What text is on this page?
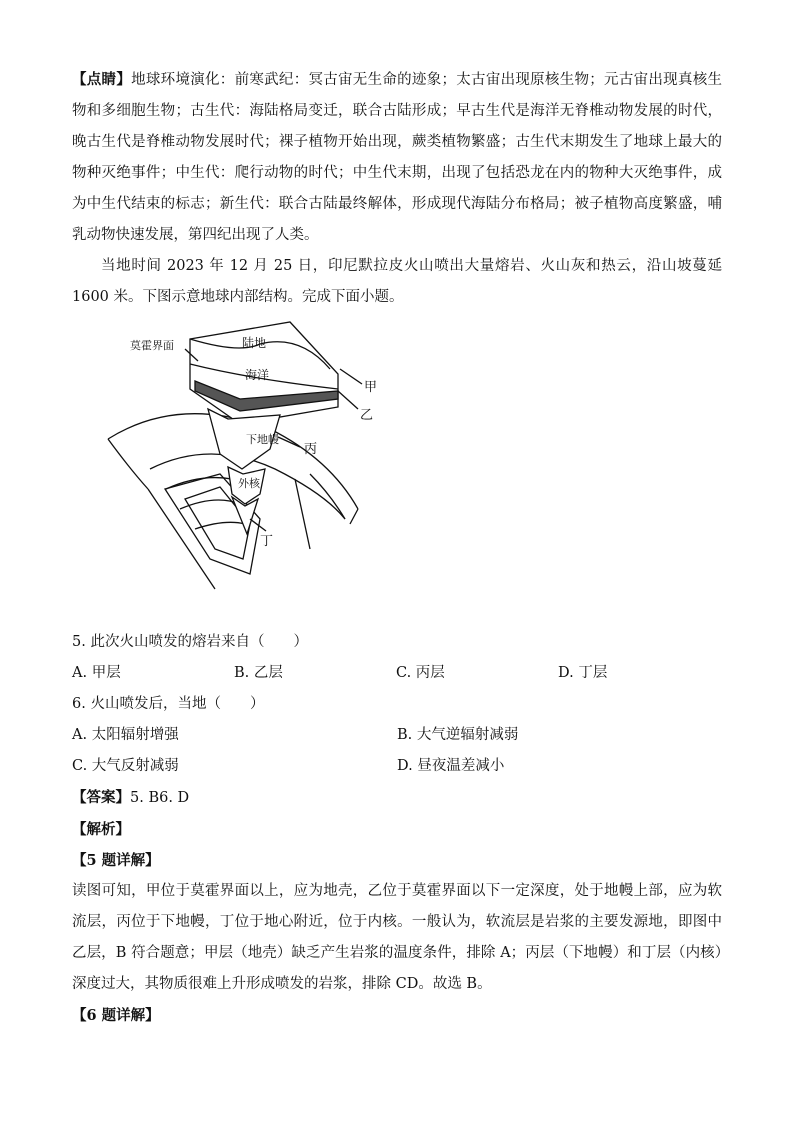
【点睛】地球环境演化：前寒武纪：冥古宙无生命的迹象；太古宙出现原核生物；元古宙出现真核生物和多细胞生物；古生代：海陆格局变迁，联合古陆形成；早古生代是海洋无脊椎动物发展的时代，晚古生代是脊椎动物发展时代；裸子植物开始出现，蕨类植物繁盛；古生代末期发生了地球上最大的物种灭绝事件；中生代：爬行动物的时代；中生代末期，出现了包括恐龙在内的物种大灭绝事件，成为中生代结束的标志；新生代：联合古陆最终解体，形成现代海陆分布格局；被子植物高度繁盛，哺乳动物快速发展，第四纪出现了人类。

当地时间 2023 年 12 月 25 日，印尼默拉皮火山喷出大量熔岩、火山灰和热云，沿山坡蔓延 1600 米。下图示意地球内部结构。完成下面小题。

莫霍界面	陆地
海洋
下地幔
外核
甲
乙
丙
丁

5. 此次火山喷发的熔岩来自（　　）

A. 甲层	B. 乙层	C. 丙层	D. 丁层

6. 火山喷发后，当地（　　）

A. 太阳辐射增强	B. 大气逆辐射减弱
C. 大气反射减弱	D. 昼夜温差减小

【答案】5. B6. D

【解析】

【5 题详解】

读图可知，甲位于莫霍界面以上，应为地壳，乙位于莫霍界面以下一定深度，处于地幔上部，应为软流层，丙位于下地幔，丁位于地心附近，位于内核。一般认为，软流层是岩浆的主要发源地，即图中乙层，B 符合题意；甲层（地壳）缺乏产生岩浆的温度条件，排除 A；丙层（下地幔）和丁层（内核）深度过大，其物质很难上升形成喷发的岩浆，排除 CD。故选 B。

【6 题详解】
